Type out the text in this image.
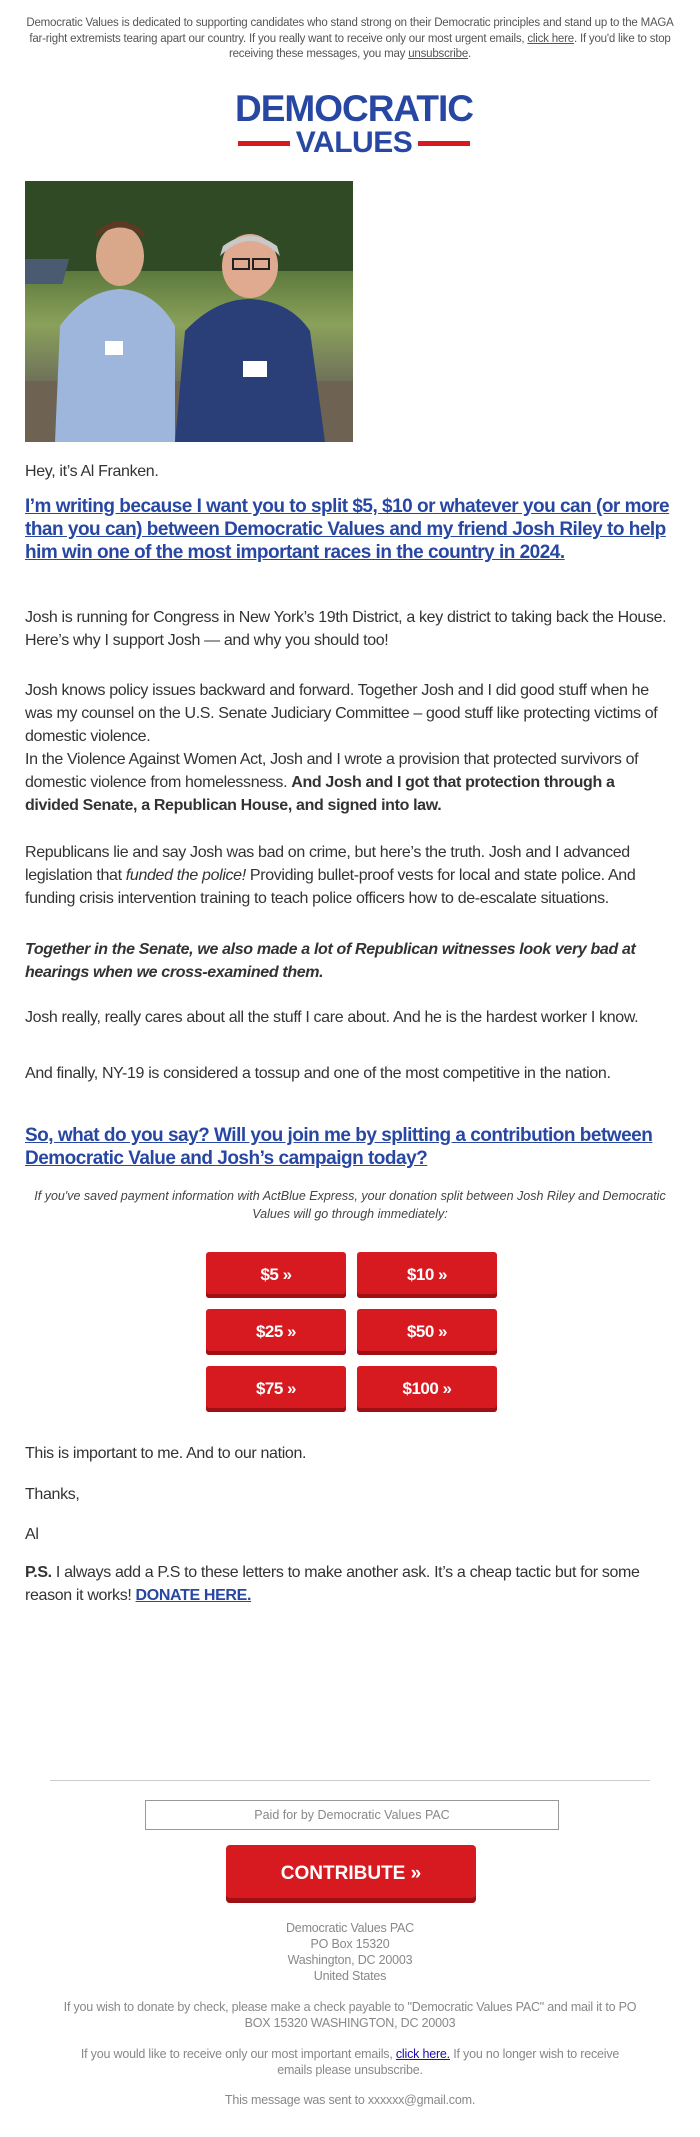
Democratic Values is dedicated to supporting candidates who stand strong on their Democratic principles and stand up to the MAGA far-right extremists tearing apart our country. If you really want to receive only our most urgent emails, click here. If you'd like to stop receiving these messages, you may unsubscribe.
DEMOCRATIC
VALUES
Hey, it’s Al Franken.
I’m writing because I want you to split $5, $10 or whatever you can (or more than you can) between Democratic Values and my friend Josh Riley to help him win one of the most important races in the country in 2024.
Josh is running for Congress in New York’s 19th District, a key district to taking back the House. Here’s why I support Josh — and why you should too!
Josh knows policy issues backward and forward. Together Josh and I did good stuff when he was my counsel on the U.S. Senate Judiciary Committee – good stuff like protecting victims of domestic violence.
In the Violence Against Women Act, Josh and I wrote a provision that protected survivors of domestic violence from homelessness. And Josh and I got that protection through a divided Senate, a Republican House, and signed into law.
Republicans lie and say Josh was bad on crime, but here’s the truth. Josh and I advanced legislation that funded the police! Providing bullet-proof vests for local and state police. And funding crisis intervention training to teach police officers how to de-escalate situations.
Together in the Senate, we also made a lot of Republican witnesses look very bad at hearings when we cross-examined them.
Josh really, really cares about all the stuff I care about. And he is the hardest worker I know.
And finally, NY-19 is considered a tossup and one of the most competitive in the nation.
So, what do you say? Will you join me by splitting a contribution between Democratic Value and Josh’s campaign today?
If you've saved payment information with ActBlue Express, your donation split between Josh Riley and Democratic Values will go through immediately:
$5 »	$10 »
$25 »	$50 »
$75 »	$100 »
This is important to me. And to our nation.
Thanks,
Al
P.S. I always add a P.S to these letters to make another ask. It’s a cheap tactic but for some reason it works! DONATE HERE.
Paid for by Democratic Values PAC
CONTRIBUTE »
Democratic Values PAC
PO Box 15320
Washington, DC 20003
United States
If you wish to donate by check, please make a check payable to "Democratic Values PAC" and mail it to PO BOX 15320 WASHINGTON, DC 20003
If you would like to receive only our most important emails, click here. If you no longer wish to receive emails please unsubscribe.
This message was sent to xxxxxx@gmail.com.
